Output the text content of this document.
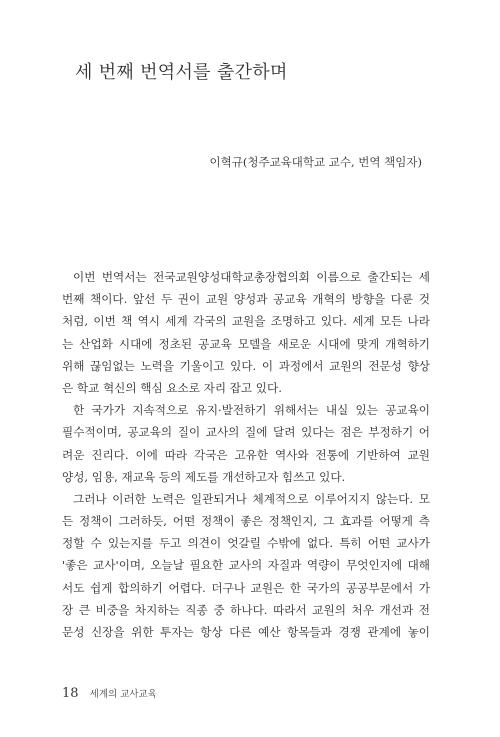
세 번째 번역서를 출간하며

이혁규(청주교육대학교 교수, 번역 책임자)

이번 번역서는 전국교원양성대학교총장협의회 이름으로 출간되는 세
번째 책이다. 앞선 두 권이 교원 양성과 공교육 개혁의 방향을 다룬 것
처럼, 이번 책 역시 세계 각국의 교원을 조명하고 있다. 세계 모든 나라
는 산업화 시대에 정초된 공교육 모델을 새로운 시대에 맞게 개혁하기
위해 끊임없는 노력을 기울이고 있다. 이 과정에서 교원의 전문성 향상
은 학교 혁신의 핵심 요소로 자리 잡고 있다.
한 국가가 지속적으로 유지·발전하기 위해서는 내실 있는 공교육이
필수적이며, 공교육의 질이 교사의 질에 달려 있다는 점은 부정하기 어
려운 진리다. 이에 따라 각국은 고유한 역사와 전통에 기반하여 교원
양성, 임용, 재교육 등의 제도를 개선하고자 힘쓰고 있다.
그러나 이러한 노력은 일관되거나 체계적으로 이루어지지 않는다. 모
든 정책이 그러하듯, 어떤 정책이 좋은 정책인지, 그 효과를 어떻게 측
정할 수 있는지를 두고 의견이 엇갈릴 수밖에 없다. 특히 어떤 교사가
'좋은 교사'이며, 오늘날 필요한 교사의 자질과 역량이 무엇인지에 대해
서도 쉽게 합의하기 어렵다. 더구나 교원은 한 국가의 공공부문에서 가
장 큰 비중을 차지하는 직종 중 하나다. 따라서 교원의 처우 개선과 전
문성 신장을 위한 투자는 항상 다른 예산 항목들과 경쟁 관계에 놓이
18 세계의 교사교육
